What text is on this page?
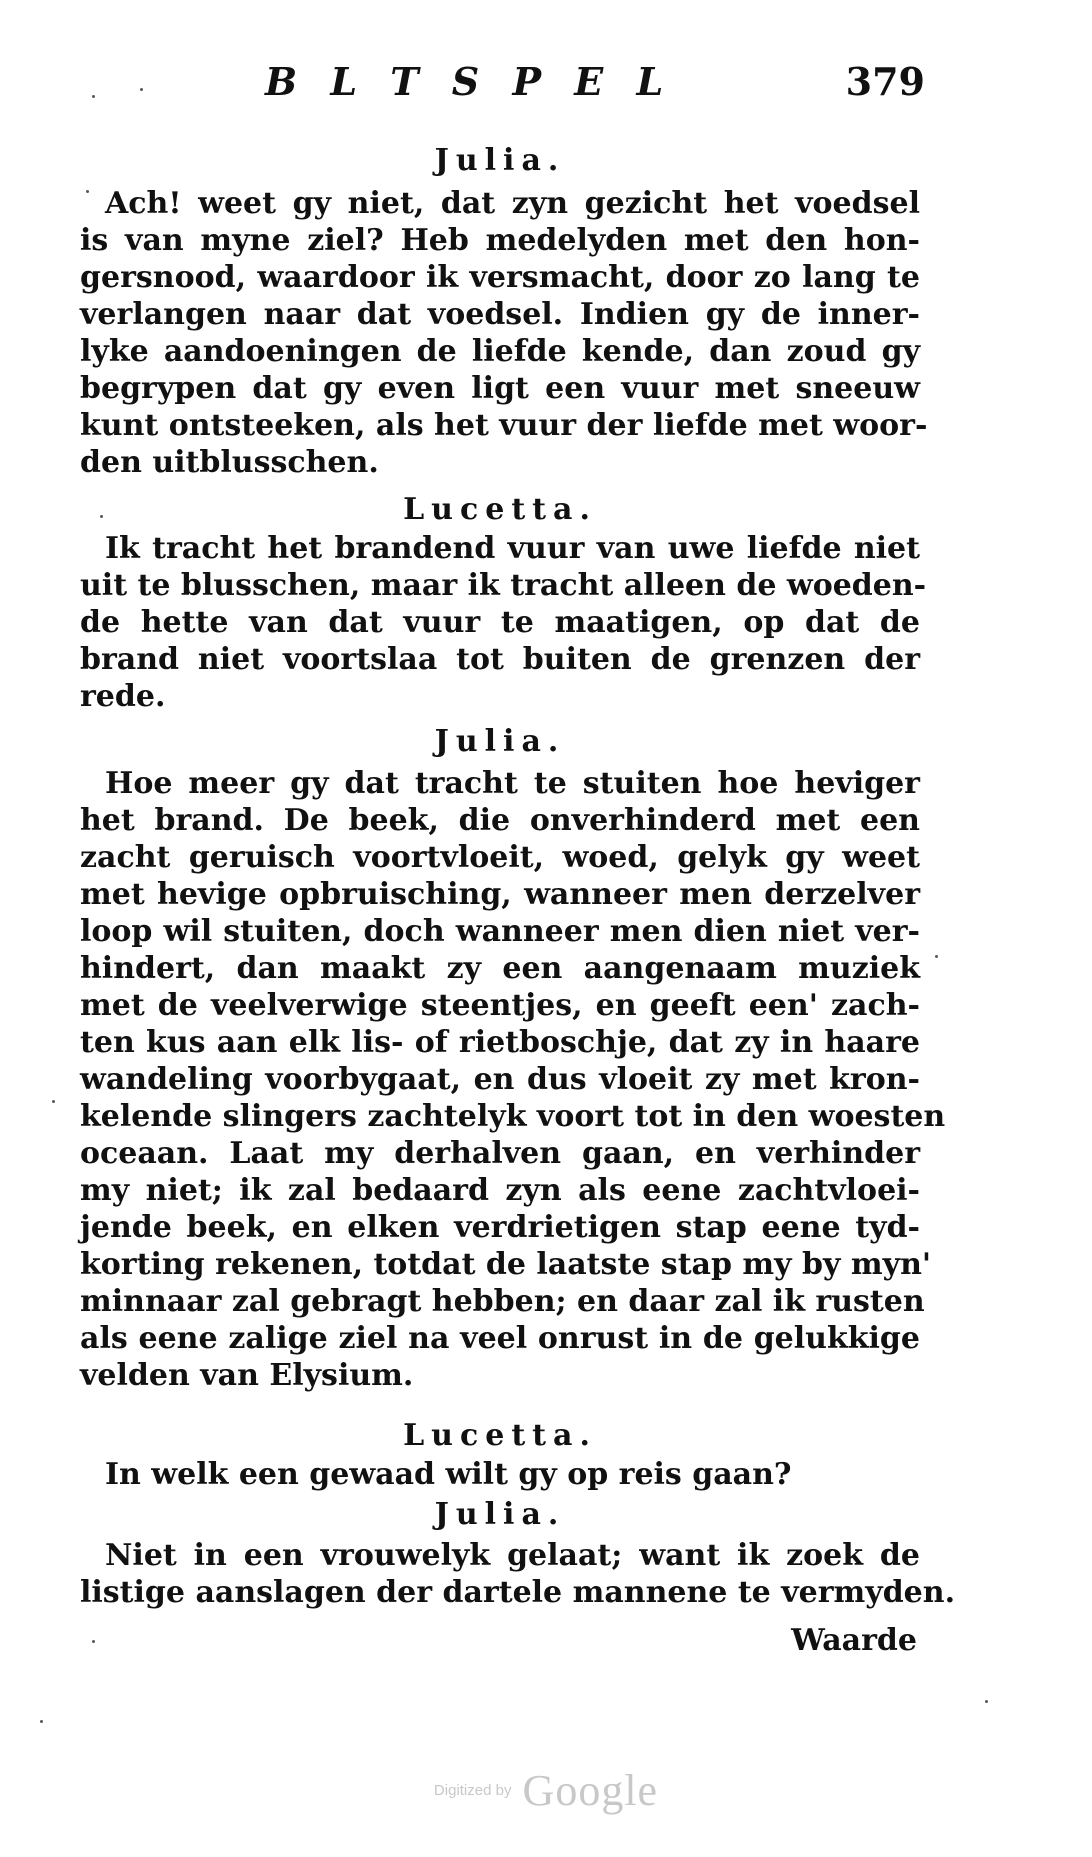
B L T S P E L	379
Julia.
Ach! weet gy niet, dat zyn gezicht het voedsel
is van myne ziel? Heb medelyden met den hon-
gersnood, waardoor ik versmacht, door zo lang te
verlangen naar dat voedsel. Indien gy de inner-
lyke aandoeningen de liefde kende, dan zoud gy
begrypen dat gy even ligt een vuur met sneeuw
kunt ontsteeken, als het vuur der liefde met woor-
den uitblusschen.
Lucetta.
Ik tracht het brandend vuur van uwe liefde niet
uit te blusschen, maar ik tracht alleen de woeden-
de hette van dat vuur te maatigen, op dat de
brand niet voortslaa tot buiten de grenzen der
rede.
Julia.
Hoe meer gy dat tracht te stuiten hoe heviger
het brand. De beek, die onverhinderd met een
zacht geruisch voortvloeit, woed, gelyk gy weet
met hevige opbruisching, wanneer men derzelver
loop wil stuiten, doch wanneer men dien niet ver-
hindert, dan maakt zy een aangenaam muziek
met de veelverwige steentjes, en geeft een' zach-
ten kus aan elk lis- of rietboschje, dat zy in haare
wandeling voorbygaat, en dus vloeit zy met kron-
kelende slingers zachtelyk voort tot in den woesten
oceaan. Laat my derhalven gaan, en verhinder
my niet; ik zal bedaard zyn als eene zachtvloei-
jende beek, en elken verdrietigen stap eene tyd-
korting rekenen, totdat de laatste stap my by myn'
minnaar zal gebragt hebben; en daar zal ik rusten
als eene zalige ziel na veel onrust in de gelukkige
velden van Elysium.
Lucetta.
In welk een gewaad wilt gy op reis gaan?
Julia.
Niet in een vrouwelyk gelaat; want ik zoek de
listige aanslagen der dartele mannene te vermyden.
Waarde
Digitized by Google
